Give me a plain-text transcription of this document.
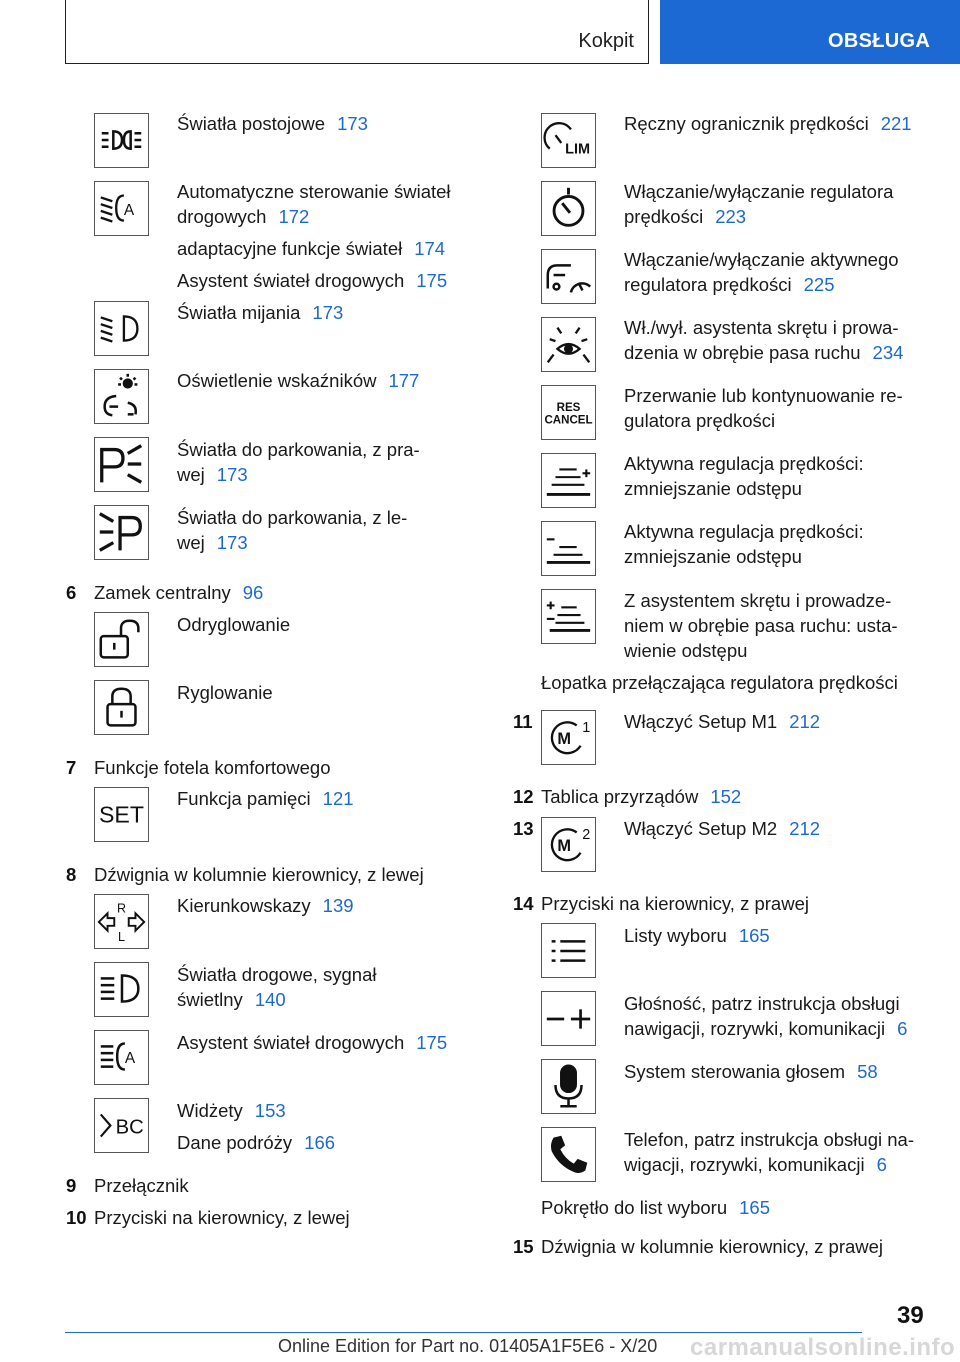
Kokpit	OBSŁUGA
Światła postojowe 173
A
Automatyczne sterowanie świateł
drogowych 172
adaptacyjne funkcje świateł 174
Asystent świateł drogowych 175
Światła mijania 173
Oświetlenie wskaźników 177
Światła do parkowania, z pra-
wej 173
Światła do parkowania, z le-
wej 173
6 Zamek centralny 96
Odryglowanie
Ryglowanie
7 Funkcje fotela komfortowego
SET
Funkcja pamięci 121
8 Dźwignia w kolumnie kierownicy, z lewej
R
L
Kierunkowskazy 139
Światła drogowe, sygnał
świetlny 140
A
Asystent świateł drogowych 175
BC
Widżety 153
Dane podróży 166
9 Przełącznik
10 Przyciski na kierownicy, z lewej
LIM
Ręczny ogranicznik prędkości 221
Włączanie/wyłączanie regulatora
prędkości 223
Włączanie/wyłączanie aktywnego
regulatora prędkości 225
Wł./wył. asystenta skrętu i prowa-
dzenia w obrębie pasa ruchu 234
RES
CANCEL
Przerwanie lub kontynuowanie re-
gulatora prędkości
Aktywna regulacja prędkości:
zmniejszanie odstępu
Aktywna regulacja prędkości:
zmniejszanie odstępu
Z asystentem skrętu i prowadze-
niem w obrębie pasa ruchu: usta-
wienie odstępu
Łopatka przełączająca regulatora prędkości
11
M
1 Włączyć Setup M1 212
12 Tablica przyrządów 152
13
M
2 Włączyć Setup M2 212
14 Przyciski na kierownicy, z prawej
Listy wyboru 165
Głośność, patrz instrukcja obsługi
nawigacji, rozrywki, komunikacji 6
System sterowania głosem 58
Telefon, patrz instrukcja obsługi na-
wigacji, rozrywki, komunikacji 6
Pokrętło do list wyboru 165
15 Dźwignia w kolumnie kierownicy, z prawej
39
Online Edition for Part no. 01405A1F5E6 - X/20 carmanualsonline.info
